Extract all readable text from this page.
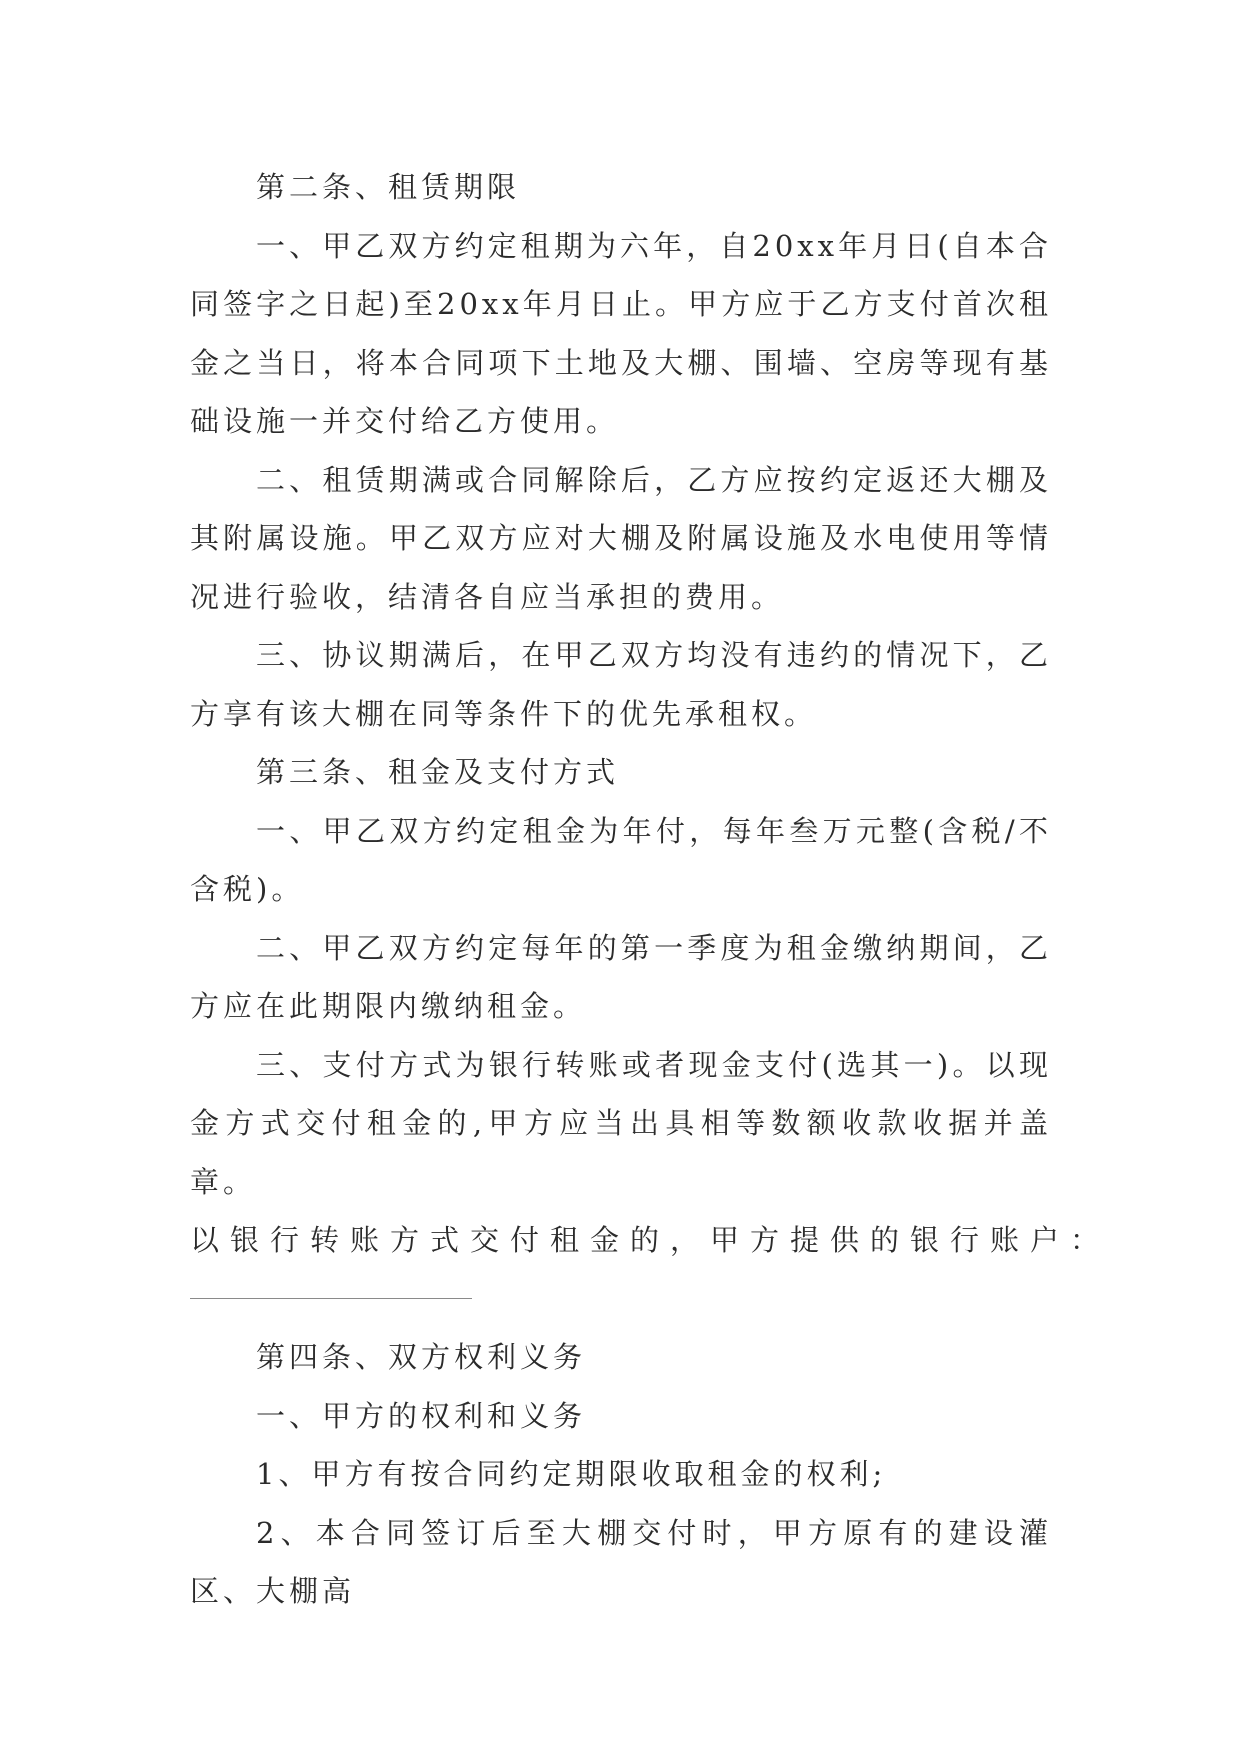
第二条、租赁期限

一、甲乙双方约定租期为六年，自20xx年月日(自本合同签字之日起)至20xx年月日止。甲方应于乙方支付首次租金之当日，将本合同项下土地及大棚、围墙、空房等现有基础设施一并交付给乙方使用。

二、租赁期满或合同解除后，乙方应按约定返还大棚及其附属设施。甲乙双方应对大棚及附属设施及水电使用等情况进行验收，结清各自应当承担的费用。

三、协议期满后，在甲乙双方均没有违约的情况下，乙方享有该大棚在同等条件下的优先承租权。

第三条、租金及支付方式

一、甲乙双方约定租金为年付，每年叁万元整(含税/不含税)。

二、甲乙双方约定每年的第一季度为租金缴纳期间，乙方应在此期限内缴纳租金。

三、支付方式为银行转账或者现金支付(选其一)。以现金方式交付租金的,甲方应当出具相等数额收款收据并盖章。

以银行转账方式交付租金的，甲方提供的银行账户：

第四条、双方权利义务

一、甲方的权利和义务

1、甲方有按合同约定期限收取租金的权利;

2、本合同签订后至大棚交付时，甲方原有的建设灌区、大棚高
